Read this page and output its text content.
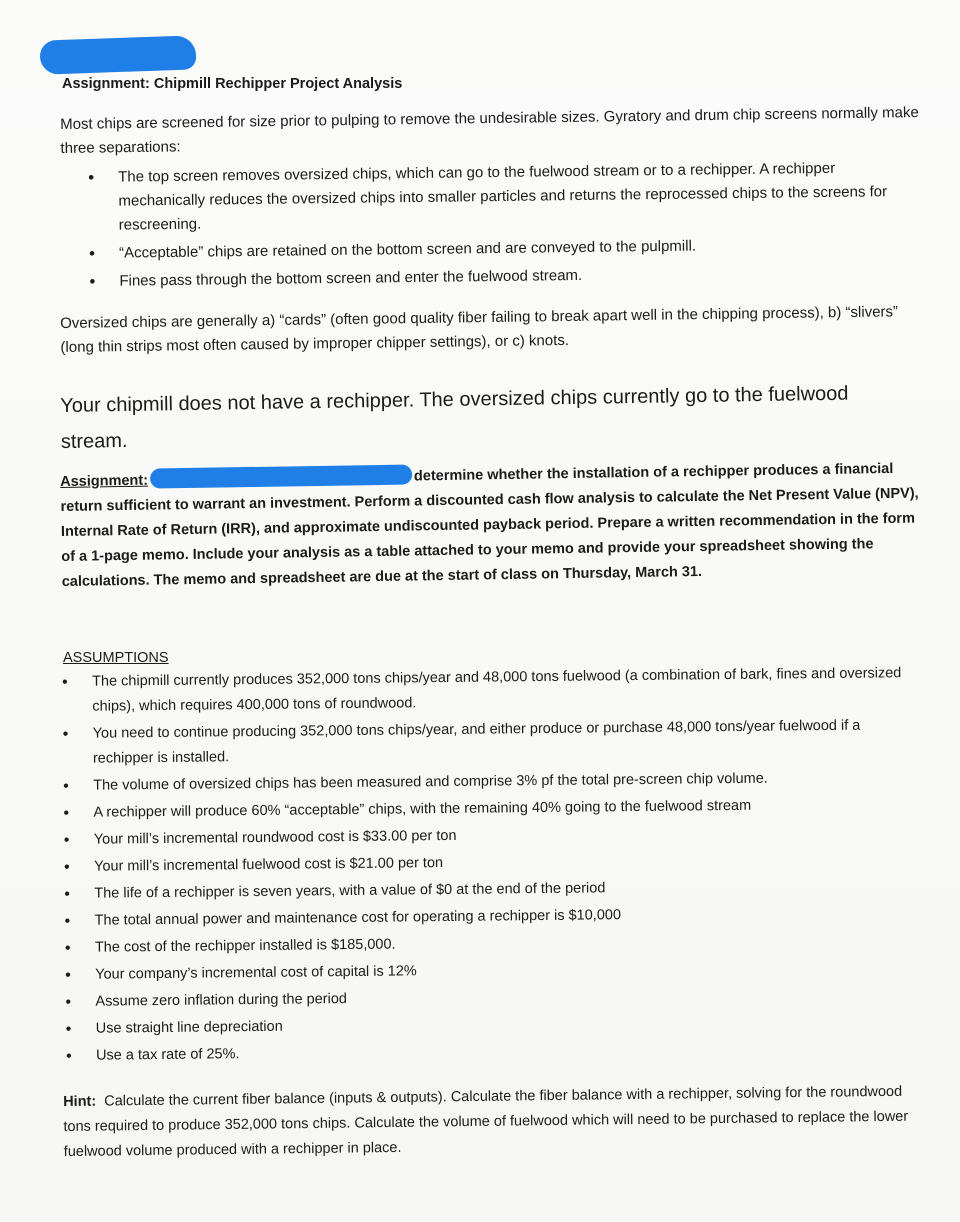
Assignment: Chipmill Rechipper Project Analysis
Most chips are screened for size prior to pulping to remove the undesirable sizes. Gyratory and drum chip screens normally make three separations:
• The top screen removes oversized chips, which can go to the fuelwood stream or to a rechipper. A rechipper mechanically reduces the oversized chips into smaller particles and returns the reprocessed chips to the screens for rescreening.
• “Acceptable” chips are retained on the bottom screen and are conveyed to the pulpmill.
• Fines pass through the bottom screen and enter the fuelwood stream.
Oversized chips are generally a) “cards” (often good quality fiber failing to break apart well in the chipping process), b) “slivers” (long thin strips most often caused by improper chipper settings), or c) knots.
Your chipmill does not have a rechipper. The oversized chips currently go to the fuelwood stream.
Assignment:	determine whether the installation of a rechipper produces a financial return sufficient to warrant an investment. Perform a discounted cash flow analysis to calculate the Net Present Value (NPV), Internal Rate of Return (IRR), and approximate undiscounted payback period. Prepare a written recommendation in the form of a 1-page memo. Include your analysis as a table attached to your memo and provide your spreadsheet showing the calculations. The memo and spreadsheet are due at the start of class on Thursday, March 31.
ASSUMPTIONS
• The chipmill currently produces 352,000 tons chips/year and 48,000 tons fuelwood (a combination of bark, fines and oversized chips), which requires 400,000 tons of roundwood.
• You need to continue producing 352,000 tons chips/year, and either produce or purchase 48,000 tons/year fuelwood if a rechipper is installed.
• The volume of oversized chips has been measured and comprise 3% pf the total pre-screen chip volume.
• A rechipper will produce 60% “acceptable” chips, with the remaining 40% going to the fuelwood stream
• Your mill’s incremental roundwood cost is $33.00 per ton
• Your mill’s incremental fuelwood cost is $21.00 per ton
• The life of a rechipper is seven years, with a value of $0 at the end of the period
• The total annual power and maintenance cost for operating a rechipper is $10,000
• The cost of the rechipper installed is $185,000.
• Your company’s incremental cost of capital is 12%
• Assume zero inflation during the period
• Use straight line depreciation
• Use a tax rate of 25%.
Hint: Calculate the current fiber balance (inputs & outputs). Calculate the fiber balance with a rechipper, solving for the roundwood tons required to produce 352,000 tons chips. Calculate the volume of fuelwood which will need to be purchased to replace the lower fuelwood volume produced with a rechipper in place.
